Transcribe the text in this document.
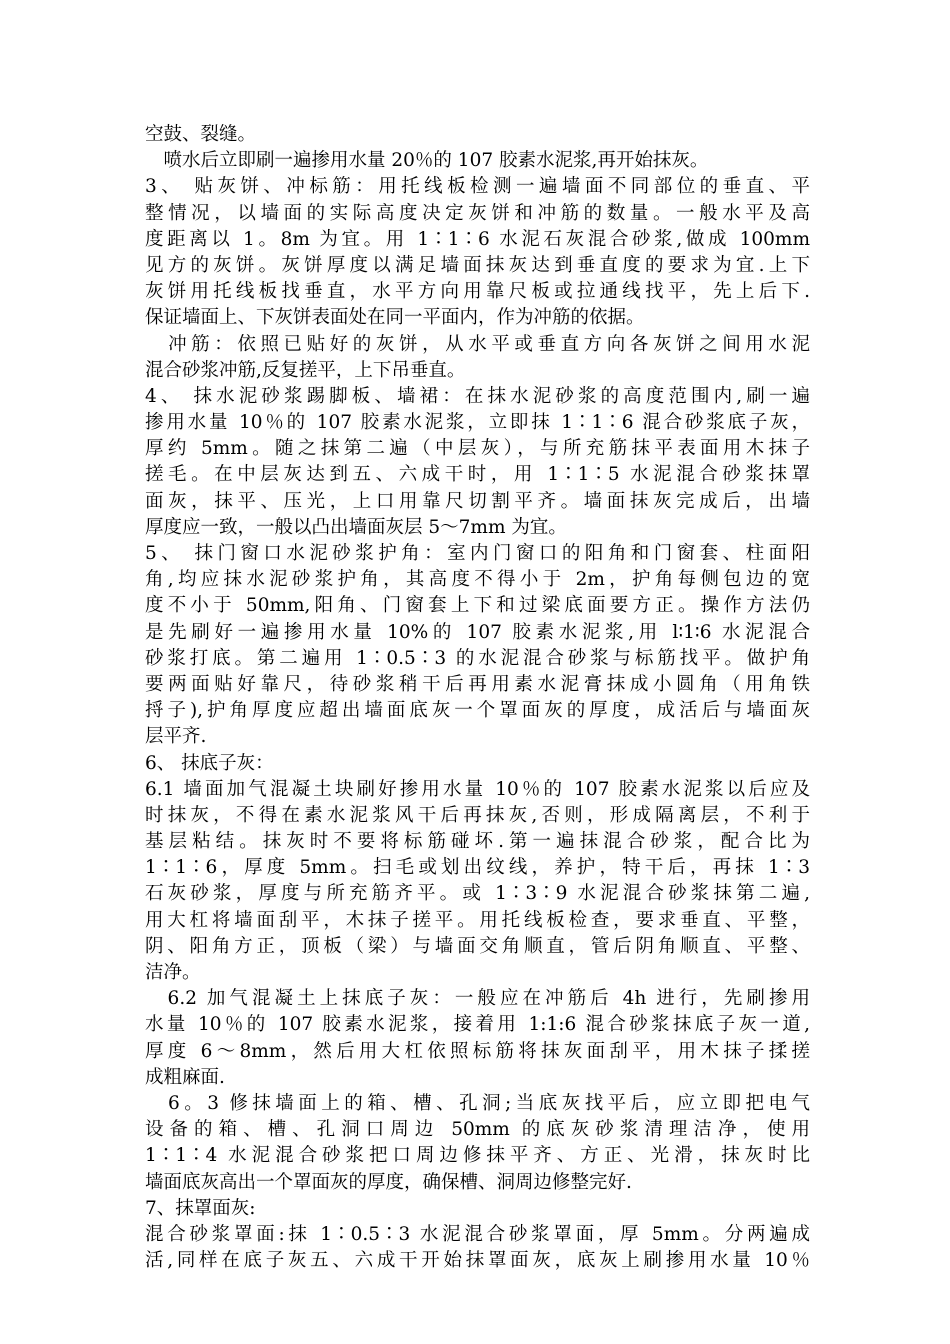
空鼓、裂缝。
　喷水后立即刷一遍掺用水量 20％的 107 胶素水泥浆,再开始抹灰。
3、 贴灰饼、冲标筋：用托线板检测一遍墙面不同部位的垂直、平
整情况，以墙面的实际高度决定灰饼和冲筋的数量。一般水平及高
度距离以 1。8m 为宜。用 1∶1∶6 水泥石灰混合砂浆,做成 100mm
见方的灰饼。灰饼厚度以满足墙面抹灰达到垂直度的要求为宜.上下
灰饼用托线板找垂直，水平方向用靠尺板或拉通线找平，先上后下.
保证墙面上、下灰饼表面处在同一平面内，作为冲筋的依据。
　冲筋：依照已贴好的灰饼，从水平或垂直方向各灰饼之间用水泥
混合砂浆冲筋,反复搓平，上下吊垂直。
4、 抹水泥砂浆踢脚板、墙裙：在抹水泥砂浆的高度范围内,刷一遍
掺用水量 10％的 107 胶素水泥浆，立即抹 1∶1∶6 混合砂浆底子灰，
厚约 5mm。随之抹第二遍（中层灰），与所充筋抹平表面用木抹子
搓毛。在中层灰达到五、六成干时，用 1∶1∶5 水泥混合砂浆抹罩
面灰，抹平、压光，上口用靠尺切割平齐。墙面抹灰完成后，出墙
厚度应一致，一般以凸出墙面灰层 5～7mm 为宜。
5、 抹门窗口水泥砂浆护角：室内门窗口的阳角和门窗套、柱面阳
角,均应抹水泥砂浆护角，其高度不得小于 2m，护角每侧包边的宽
度不小于 50mm,阳角、门窗套上下和过梁底面要方正。操作方法仍
是先刷好一遍掺用水量 10%的 107 胶素水泥浆,用 l∶1∶6 水泥混合
砂浆打底。第二遍用 1∶0.5∶3 的水泥混合砂浆与标筋找平。做护角
要两面贴好靠尺，待砂浆稍干后再用素水泥膏抹成小圆角（用角铁
捋子),护角厚度应超出墙面底灰一个罩面灰的厚度，成活后与墙面灰
层平齐.
6、 抹底子灰：
6.1 墙面加气混凝土块刷好掺用水量 10％的 107 胶素水泥浆以后应及
时抹灰，不得在素水泥浆风干后再抹灰,否则，形成隔离层，不利于
基层粘结。抹灰时不要将标筋碰坏.第一遍抹混合砂浆，配合比为
1∶1∶6，厚度 5mm。扫毛或划出纹线，养护，特干后，再抹 1∶3
石灰砂浆，厚度与所充筋齐平。或 1∶3∶9 水泥混合砂浆抹第二遍,
用大杠将墙面刮平，木抹子搓平。用托线板检查，要求垂直、平整，
阴、阳角方正，顶板（梁）与墙面交角顺直，管后阴角顺直、平整、
洁净。
　6.2 加气混凝土上抹底子灰：一般应在冲筋后 4h 进行，先刷掺用
水量 10％的 107 胶素水泥浆，接着用 1:1:6 混合砂浆抹底子灰一道,
厚度 6～8mm，然后用大杠依照标筋将抹灰面刮平，用木抹子揉搓
成粗麻面.
　6。3 修抹墙面上的箱、槽、孔洞;当底灰找平后，应立即把电气
设备的箱、槽、孔洞口周边 50mm 的底灰砂浆清理洁净，使用
1∶1∶4 水泥混合砂浆把口周边修抹平齐、方正、光滑，抹灰时比
墙面底灰高出一个罩面灰的厚度，确保槽、洞周边修整完好.
7、抹罩面灰:
混合砂浆罩面:抹 1∶0.5∶3 水泥混合砂浆罩面，厚 5mm。分两遍成
活,同样在底子灰五、六成干开始抹罩面灰，底灰上刷掺用水量 10％
